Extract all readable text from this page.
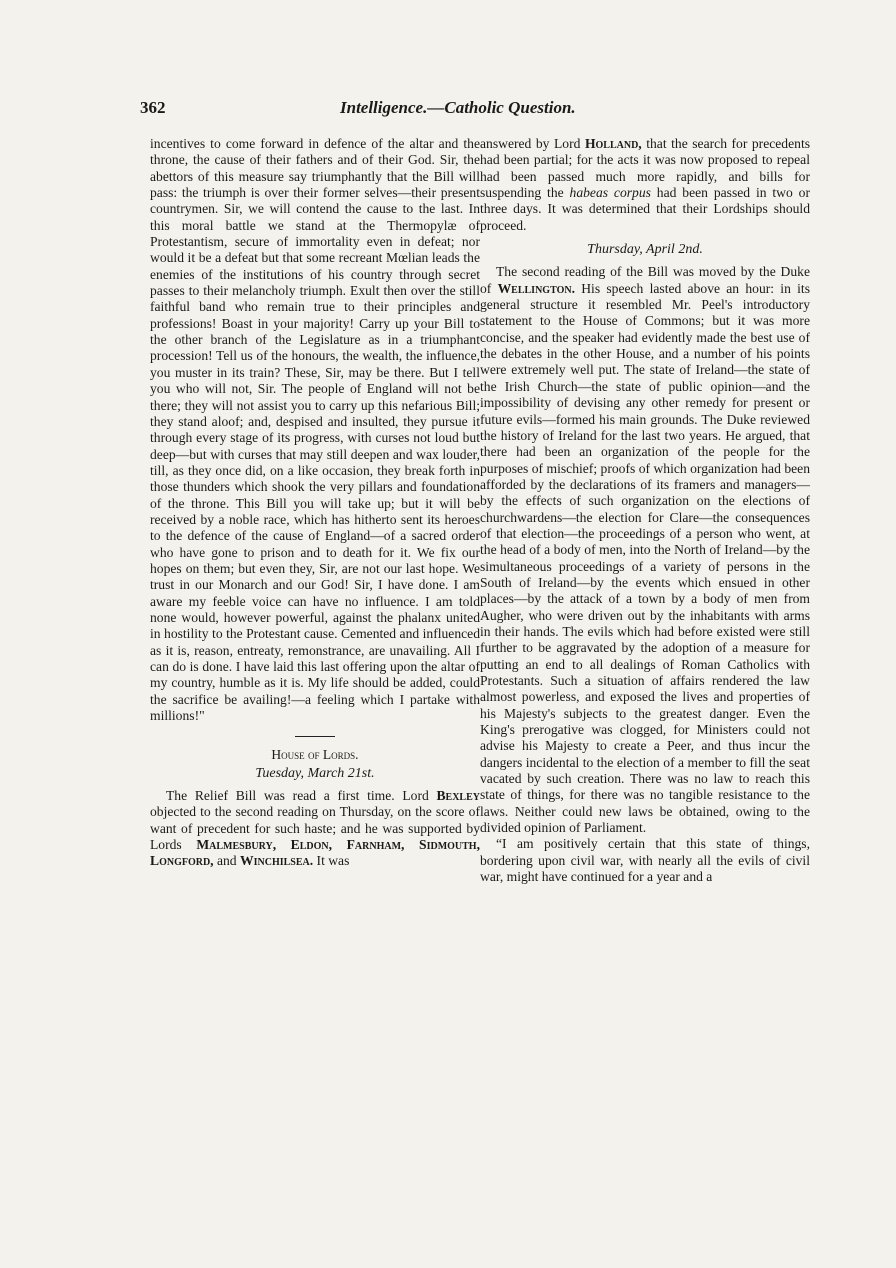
362	Intelligence.—Catholic Question.

incentives to come forward in defence of the altar and the throne, the cause of their fathers and of their God. Sir, the abettors of this measure say triumphantly that the Bill will pass: the triumph is over their former selves—their present countrymen. Sir, we will contend the cause to the last. In this moral battle we stand at the Thermopylæ of Protestantism, secure of immortality even in defeat; nor would it be a defeat but that some recreant Mœlian leads the enemies of the institutions of his country through secret passes to their melancholy triumph. Exult then over the still faithful band who remain true to their principles and professions! Boast in your majority! Carry up your Bill to the other branch of the Legislature as in a triumphant procession! Tell us of the honours, the wealth, the influence, you muster in its train? These, Sir, may be there. But I tell you who will not, Sir. The people of England will not be there; they will not assist you to carry up this nefarious Bill; they stand aloof; and, despised and insulted, they pursue it through every stage of its progress, with curses not loud but deep—but with curses that may still deepen and wax louder, till, as they once did, on a like occasion, they break forth in those thunders which shook the very pillars and foundation of the throne. This Bill you will take up; but it will be received by a noble race, which has hitherto sent its heroes to the defence of the cause of England—of a sacred order who have gone to prison and to death for it. We fix our hopes on them; but even they, Sir, are not our last hope. We trust in our Monarch and our God! Sir, I have done. I am aware my feeble voice can have no influence. I am told none would, however powerful, against the phalanx united in hostility to the Protestant cause. Cemented and influenced as it is, reason, entreaty, remonstrance, are unavailing. All I can do is done. I have laid this last offering upon the altar of my country, humble as it is. My life should be added, could the sacrifice be availing!—a feeling which I partake with millions!"

House of Lords.
Tuesday, March 21st.

The Relief Bill was read a first time. Lord Bexley objected to the second reading on Thursday, on the score of want of precedent for such haste; and he was supported by Lords Malmesbury, Eldon, Farnham, Sidmouth, Longford, and Winchilsea. It was

answered by Lord Holland, that the search for precedents had been partial; for the acts it was now proposed to repeal had been passed much more rapidly, and bills for suspending the habeas corpus had been passed in two or three days. It was determined that their Lordships should proceed.

Thursday, April 2nd.

The second reading of the Bill was moved by the Duke of Wellington. His speech lasted above an hour: in its general structure it resembled Mr. Peel's introductory statement to the House of Commons; but it was more concise, and the speaker had evidently made the best use of the debates in the other House, and a number of his points were extremely well put. The state of Ireland—the state of the Irish Church—the state of public opinion—and the impossibility of devising any other remedy for present or future evils—formed his main grounds. The Duke reviewed the history of Ireland for the last two years. He argued, that there had been an organization of the people for the purposes of mischief; proofs of which organization had been afforded by the declarations of its framers and managers—by the effects of such organization on the elections of churchwardens—the election for Clare—the consequences of that election—the proceedings of a person who went, at the head of a body of men, into the North of Ireland—by the simultaneous proceedings of a variety of persons in the South of Ireland—by the events which ensued in other places—by the attack of a town by a body of men from Augher, who were driven out by the inhabitants with arms in their hands. The evils which had before existed were still further to be aggravated by the adoption of a measure for putting an end to all dealings of Roman Catholics with Protestants. Such a situation of affairs rendered the law almost powerless, and exposed the lives and properties of his Majesty's subjects to the greatest danger. Even the King's prerogative was clogged, for Ministers could not advise his Majesty to create a Peer, and thus incur the dangers incidental to the election of a member to fill the seat vacated by such creation. There was no law to reach this state of things, for there was no tangible resistance to the laws. Neither could new laws be obtained, owing to the divided opinion of Parliament.

“I am positively certain that this state of things, bordering upon civil war, with nearly all the evils of civil war, might have continued for a year and a
